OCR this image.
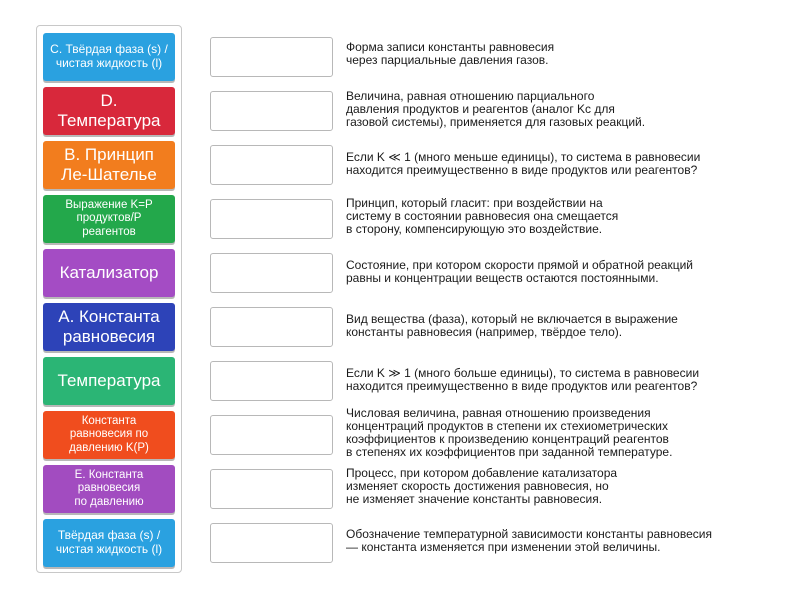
С. Твёрдая фаза (s) /
чистая жидкость (l)
D.
Температура
B. Принцип
Ле-Шателье
Выражение K=P
продуктов/P
реагентов
Катализатор
A. Константа
равновесия
Температура
Константа
равновесия по
давлению K(P)
E. Константа
равновесия
по давлению
Твёрдая фаза (s) /
чистая жидкость (l)
Форма записи константы равновесия
через парциальные давления газов.
Величина, равная отношению парциального
давления продуктов и реагентов (аналог Kc для
газовой системы), применяется для газовых реакций.
Если K ≪ 1 (много меньше единицы), то система в равновесии
находится преимущественно в виде продуктов или реагентов?
Принцип, который гласит: при воздействии на
систему в состоянии равновесия она смещается
в сторону, компенсирующую это воздействие.
Состояние, при котором скорости прямой и обратной реакций
равны и концентрации веществ остаются постоянными.
Вид вещества (фаза), который не включается в выражение
константы равновесия (например, твёрдое тело).
Если K ≫ 1 (много больше единицы), то система в равновесии
находится преимущественно в виде продуктов или реагентов?
Числовая величина, равная отношению произведения
концентраций продуктов в степени их стехиометрических
коэффициентов к произведению концентраций реагентов
в степенях их коэффициентов при заданной температуре.
Процесс, при котором добавление катализатора
изменяет скорость достижения равновесия, но
не изменяет значение константы равновесия.
Обозначение температурной зависимости константы равновесия
— константа изменяется при изменении этой величины.
